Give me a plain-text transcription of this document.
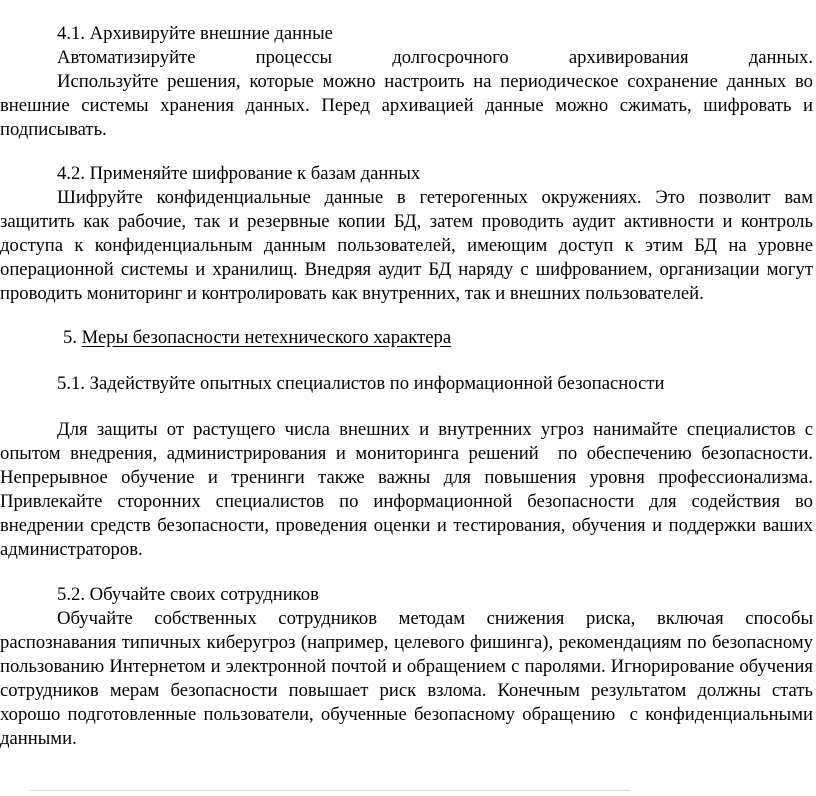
4.1. Архивируйте внешние данные

Автоматизируйте процессы долгосрочного архивирования данных.

Используйте решения, которые можно настроить на периодическое сохранение данных во внешние системы хранения данных. Перед архивацией данные можно сжимать, шифровать и подписывать.

4.2. Применяйте шифрование к базам данных

Шифруйте конфиденциальные данные в гетерогенных окружениях. Это позволит вам защитить как рабочие, так и резервные копии БД, затем проводить аудит активности и контроль доступа к конфиденциальным данным пользователей, имеющим доступ к этим БД на уровне операционной системы и хранилищ. Внедряя аудит БД наряду с шифрованием, организации могут проводить мониторинг и контролировать как внутренних, так и внешних пользователей.

5. Меры безопасности нетехнического характера

5.1. Задействуйте опытных специалистов по информационной безопасности

Для защиты от растущего числа внешних и внутренних угроз нанимайте специалистов с опытом внедрения, администрирования и мониторинга решений  по обеспечению безопасности. Непрерывное обучение и тренинги также важны для повышения уровня профессионализма. Привлекайте сторонних специалистов по информационной безопасности для содействия во внедрении средств безопасности, проведения оценки и тестирования, обучения и поддержки ваших администраторов.

5.2. Обучайте своих сотрудников

Обучайте собственных сотрудников методам снижения риска, включая способы распознавания типичных киберугроз (например, целевого фишинга), рекомендациям по безопасному пользованию Интернетом и электронной почтой и обращением с паролями. Игнорирование обучения сотрудников мерам безопасности повышает риск взлома. Конечным результатом должны стать хорошо подготовленные пользователи, обученные безопасному обращению  с конфиденциальными данными.
